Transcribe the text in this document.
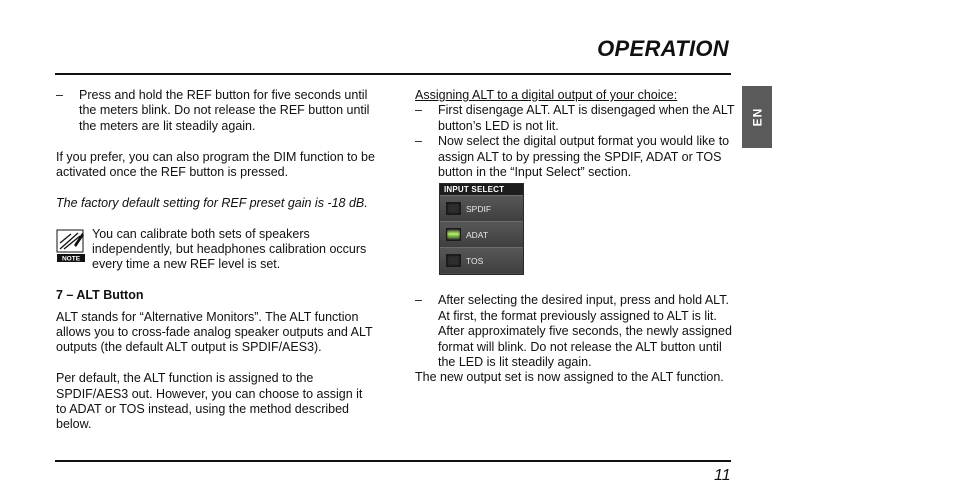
OPERATION
EN
–	Press and hold the REF button for five seconds until the meters blink. Do not release the REF button until the meters are lit steadily again.

If you prefer, you can also program the DIM function to be activated once the REF button is pressed.

The factory default setting for REF preset gain is -18 dB.

NOTE

You can calibrate both sets of speakers independently, but headphones calibration occurs every time a new REF level is set.

7 – ALT Button

ALT stands for “Alternative Monitors”. The ALT function allows you to cross-fade analog speaker outputs and ALT outputs (the default ALT output is SPDIF/AES3).

Per default, the ALT function is assigned to the SPDIF/AES3 out. However, you can choose to assign it to ADAT or TOS instead, using the method described below.

Assigning ALT to a digital output of your choice:

–	First disengage ALT. ALT is disengaged when the ALT button’s LED is not lit.
–	Now select the digital output format you would like to assign ALT to by pressing the SPDIF, ADAT or TOS button in the “Input Select” section.
INPUT SELECT
SPDIF
ADAT
TOS
–	After selecting the desired input, press and hold ALT.
At first, the format previously assigned to ALT is lit. After approximately five seconds, the newly assigned format will blink. Do not release the ALT button until the LED is lit steadily again.

The new output set is now assigned to the ALT function.

11
